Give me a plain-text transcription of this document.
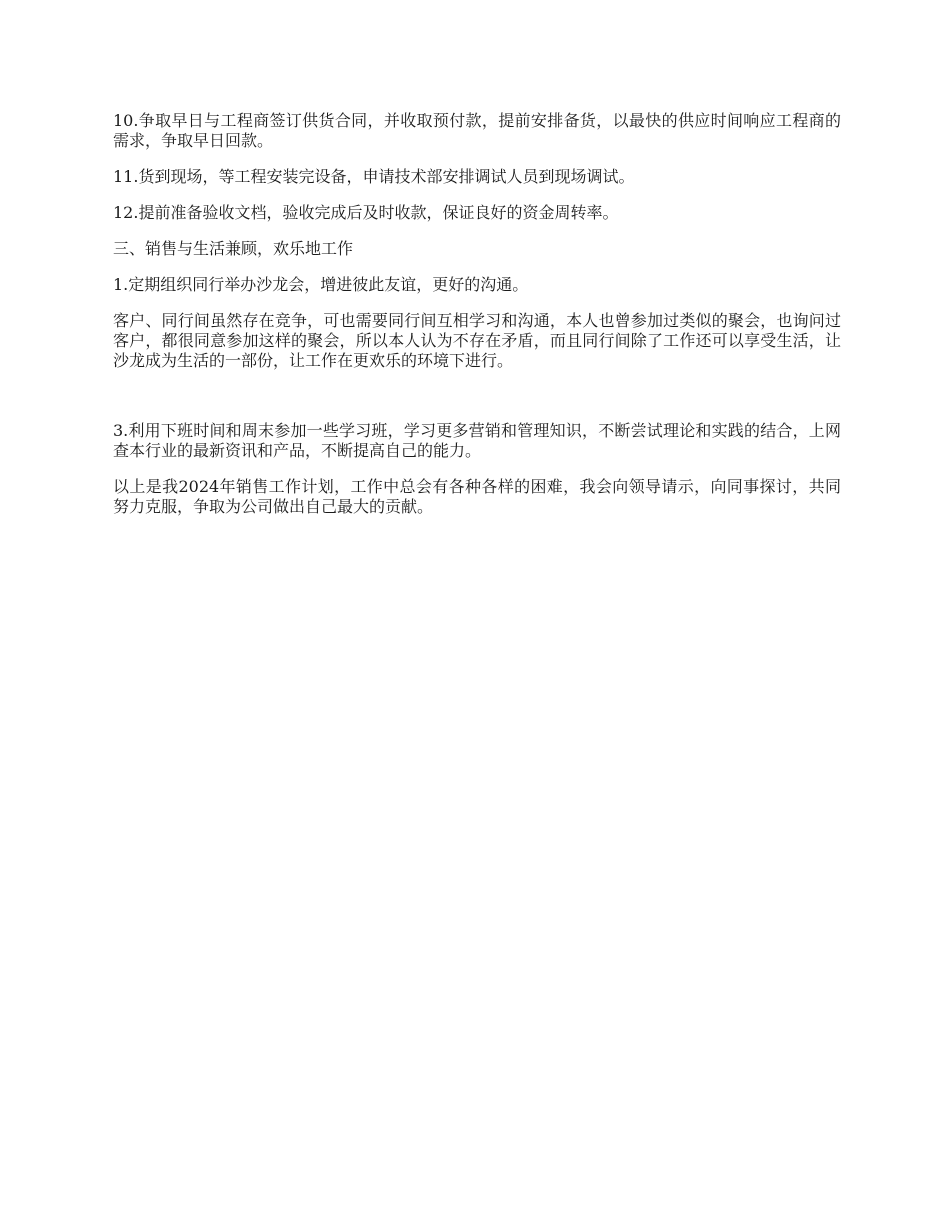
10.争取早日与工程商签订供货合同，并收取预付款，提前安排备货，以最快的供应时间响应工程商的需求，争取早日回款。

11.货到现场，等工程安装完设备，申请技术部安排调试人员到现场调试。

12.提前准备验收文档，验收完成后及时收款，保证良好的资金周转率。

三、销售与生活兼顾，欢乐地工作

1.定期组织同行举办沙龙会，增进彼此友谊，更好的沟通。

客户、同行间虽然存在竞争，可也需要同行间互相学习和沟通，本人也曾参加过类似的聚会，也询问过客户，都很同意参加这样的聚会，所以本人认为不存在矛盾，而且同行间除了工作还可以享受生活，让沙龙成为生活的一部份，让工作在更欢乐的环境下进行。

3.利用下班时间和周末参加一些学习班，学习更多营销和管理知识，不断尝试理论和实践的结合，上网查本行业的最新资讯和产品，不断提高自己的能力。

以上是我2024年销售工作计划，工作中总会有各种各样的困难，我会向领导请示，向同事探讨，共同努力克服，争取为公司做出自己最大的贡献。
